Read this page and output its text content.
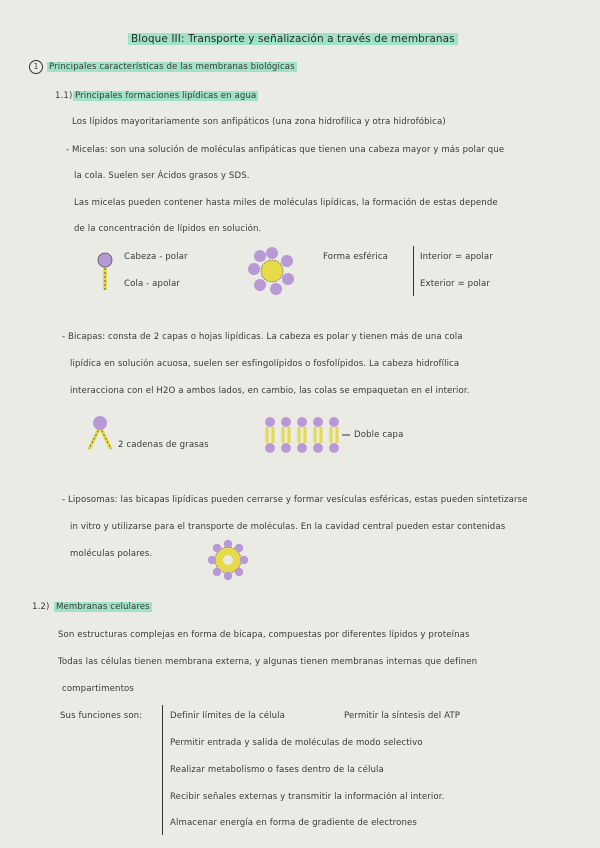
Bloque III: Transporte y señalización a través de membranas
1	Principales características de las membranas biológicas
1.1) Principales formaciones lipídicas en agua
Los lípidos mayoritariamente son anfipáticos (una zona hidrofílica y otra hidrofóbica)
- Micelas: son una solución de moléculas anfipáticas que tienen una cabeza mayor y más polar que
la cola. Suelen ser Ácidos grasos y SDS.
Las micelas pueden contener hasta miles de moléculas lipídicas, la formación de estas depende
de la concentración de lípidos en solución.
Cabeza - polar
Cola - apolar
Forma esférica	Interior = apolar
Exterior = polar
- Bicapas: consta de 2 capas o hojas lipídicas. La cabeza es polar y tienen más de una cola
lipídica en solución acuosa, suelen ser esfingolípidos o fosfolípidos. La cabeza hidrofílica
interacciona con el H2O a ambos lados, en cambio, las colas se empaquetan en el interior.
2 cadenas de grasas
Doble capa
- Liposomas: las bicapas lipídicas pueden cerrarse y formar vesículas esféricas, estas pueden sintetizarse
in vitro y utilizarse para el transporte de moléculas. En la cavidad central pueden estar contenidas
moléculas polares.
1.2) Membranas celulares
Son estructuras complejas en forma de bicapa, compuestas por diferentes lípidos y proteínas
Todas las células tienen membrana externa, y algunas tienen membranas internas que definen
compartimentos
Sus funciones son:	Definir límites de la célula	Permitir la síntesis del ATP
Permitir entrada y salida de moléculas de modo selectivo
Realizar metabolismo o fases dentro de la célula
Recibir señales externas y transmitir la información al interior.
Almacenar energía en forma de gradiente de electrones
